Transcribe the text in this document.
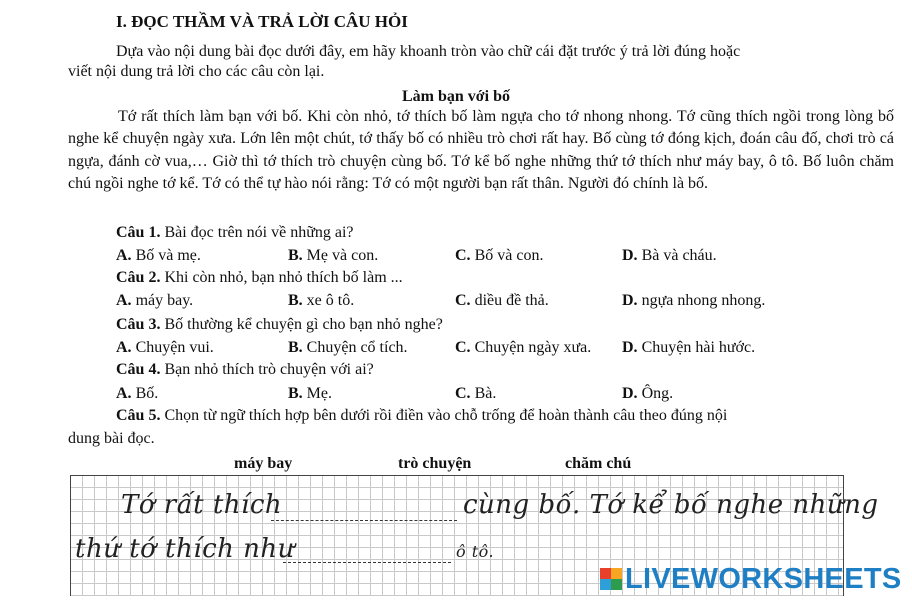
I. ĐỌC THẦM VÀ TRẢ LỜI CÂU HỎI
Dựa vào nội dung bài đọc dưới đây, em hãy khoanh tròn vào chữ cái đặt trước ý trả lời đúng hoặc
viết nội dung trả lời cho các câu còn lại.
Làm bạn với bố
Tớ rất thích làm bạn với bố. Khi còn nhỏ, tớ thích bố làm ngựa cho tớ nhong nhong. Tớ cũng thích ngồi trong lòng bố nghe kể chuyện ngày xưa. Lớn lên một chút, tớ thấy bố có nhiều trò chơi rất hay. Bố cùng tớ đóng kịch, đoán câu đố, chơi trò cá ngựa, đánh cờ vua,… Giờ thì tớ thích trò chuyện cùng bố. Tớ kể bố nghe những thứ tớ thích như máy bay, ô tô. Bố luôn chăm chú ngồi nghe tớ kể. Tớ có thể tự hào nói rằng: Tớ có một người bạn rất thân. Người đó chính là bố.
Câu 1. Bài đọc trên nói về những ai?
A. Bố và mẹ.	B. Mẹ và con.	C. Bố và con.	D. Bà và cháu.
Câu 2. Khi còn nhỏ, bạn nhỏ thích bố làm ...
A. máy bay.	B. xe ô tô.	C. diều đề thả.	D. ngựa nhong nhong.
Câu 3. Bố thường kể chuyện gì cho bạn nhỏ nghe?
A. Chuyện vui.	B. Chuyện cổ tích.	C. Chuyện ngày xưa. D. Chuyện hài hước.
Câu 4. Bạn nhỏ thích trò chuyện với ai?
A. Bố.	B. Mẹ.	C. Bà.	D. Ông.
Câu 5. Chọn từ ngữ thích hợp bên dưới rồi điền vào chỗ trống để hoàn thành câu theo đúng nội
dung bài đọc.
máy bay	trò chuyện	chăm chú
Tớ rất thích	cùng bố. Tớ kể bố nghe những
thứ tớ thích như	ô tô.
LIVEWORKSHEETS
